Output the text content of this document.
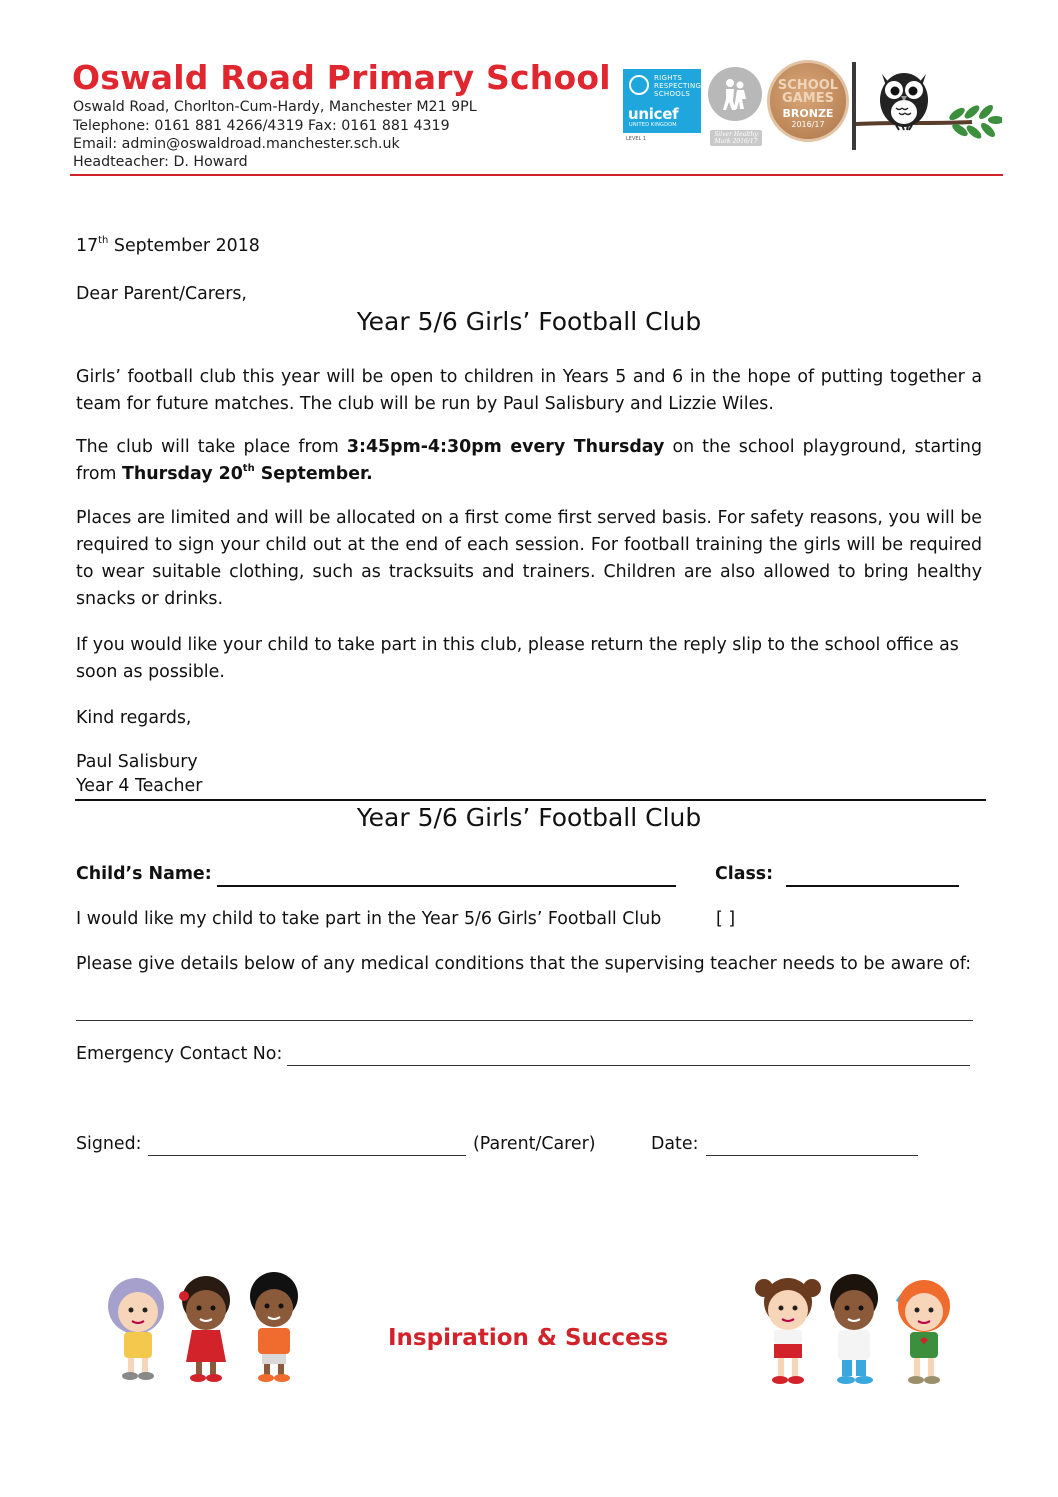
Oswald Road Primary School
Oswald Road, Chorlton-Cum-Hardy, Manchester M21 9PL
Telephone: 0161 881 4266/4319 Fax: 0161 881 4319
Email: admin@oswaldroad.manchester.sch.uk
Headteacher: D. Howard
RIGHTS RESPECTING SCHOOLS
unicef
UNITED KINGDOM
LEVEL 1
Silver Healthy Mark 2016/17
SCHOOL
GAMES
BRONZE
2016/17
17th September 2018
Dear Parent/Carers,
Year 5/6 Girls’ Football Club
Girls’ football club this year will be open to children in Years 5 and 6 in the hope of putting together a team for future matches. The club will be run by Paul Salisbury and Lizzie Wiles.
The club will take place from 3:45pm-4:30pm every Thursday on the school playground, starting from Thursday 20th September.
Places are limited and will be allocated on a first come first served basis. For safety reasons, you will be required to sign your child out at the end of each session. For football training the girls will be required to wear suitable clothing, such as tracksuits and trainers. Children are also allowed to bring healthy snacks or drinks.
If you would like your child to take part in this club, please return the reply slip to the school office as soon as possible.
Kind regards,
Paul Salisbury
Year 4 Teacher
Year 5/6 Girls’ Football Club
Child’s Name:	Class:
I would like my child to take part in the Year 5/6 Girls’ Football Club	[ ]
Please give details below of any medical conditions that the supervising teacher needs to be aware of:
Emergency Contact No:
Signed:	(Parent/Carer)	Date:
Inspiration & Success
